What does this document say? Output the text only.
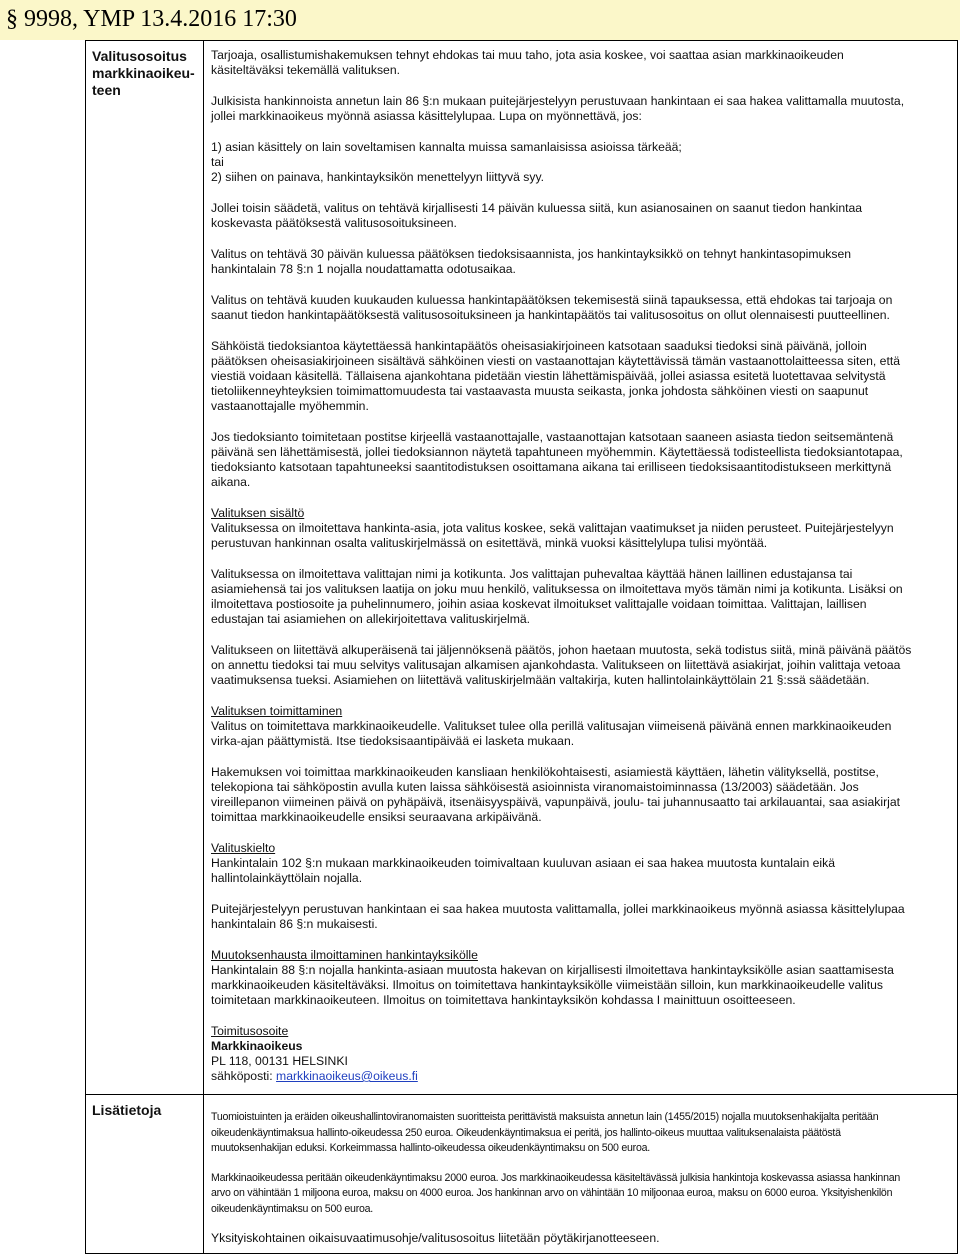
§ 9998, YMP 13.4.2016 17:30
Valitusosoitus markkinaoikeu-teen

Tarjoaja, osallistumishakemuksen tehnyt ehdokas tai muu taho, jota asia koskee, voi saattaa asian markkinaoikeuden käsiteltäväksi tekemällä valituksen.

Julkisista hankinnoista annetun lain 86 §:n mukaan puitejärjestelyyn perustuvaan hankintaan ei saa hakea valittamalla muutosta, jollei markkinaoikeus myönnä asiassa käsittelylupaa. Lupa on myönnettävä, jos:

1) asian käsittely on lain soveltamisen kannalta muissa samanlaisissa asioissa tärkeää;
tai
2) siihen on painava, hankintayksikön menettelyyn liittyvä syy.

Jollei toisin säädetä, valitus on tehtävä kirjallisesti 14 päivän kuluessa siitä, kun asianosainen on saanut tiedon hankintaa koskevasta päätöksestä valitusosoituksineen.

Valitus on tehtävä 30 päivän kuluessa päätöksen tiedoksisaannista, jos hankintayksikkö on tehnyt hankintasopimuksen hankintalain 78 §:n 1 nojalla noudattamatta odotusaikaa.

Valitus on tehtävä kuuden kuukauden kuluessa hankintapäätöksen tekemisestä siinä tapauksessa, että ehdokas tai tarjoaja on saanut tiedon hankintapäätöksestä valitusosoituksineen ja hankintapäätös tai valitusosoitus on ollut olennaisesti puutteellinen.

Sähköistä tiedoksiantoa käytettäessä hankintapäätös oheisasiakirjoineen katsotaan saaduksi tiedoksi sinä päivänä, jolloin päätöksen oheisasiakirjoineen sisältävä sähköinen viesti on vastaanottajan käytettävissä tämän vastaanottolaitteessa siten, että viestiä voidaan käsitellä. Tällaisena ajankohtana pidetään viestin lähettämispäivää, jollei asiassa esitetä luotettavaa selvitystä tietoliikenneyhteyksien toimimattomuudesta tai vastaavasta muusta seikasta, jonka johdosta sähköinen viesti on saapunut vastaanottajalle myöhemmin.

Jos tiedoksianto toimitetaan postitse kirjeellä vastaanottajalle, vastaanottajan katsotaan saaneen asiasta tiedon seitsemäntenä päivänä sen lähettämisestä, jollei tiedoksiannon näytetä tapahtuneen myöhemmin. Käytettäessä todisteellista tiedoksiantotapaa, tiedoksianto katsotaan tapahtuneeksi saantitodistuksen osoittamana aikana tai erilliseen tiedoksisaantitodistukseen merkittynä aikana.

Valituksen sisältö

Valituksessa on ilmoitettava hankinta-asia, jota valitus koskee, sekä valittajan vaatimukset ja niiden perusteet. Puitejärjestelyyn perustuvan hankinnan osalta valituskirjelmässä on esitettävä, minkä vuoksi käsittelylupa tulisi myöntää.

Valituksessa on ilmoitettava valittajan nimi ja kotikunta. Jos valittajan puhevaltaa käyttää hänen laillinen edustajansa tai asiamiehensä tai jos valituksen laatija on joku muu henkilö, valituksessa on ilmoitettava myös tämän nimi ja kotikunta. Lisäksi on ilmoitettava postiosoite ja puhelinnumero, joihin asiaa koskevat ilmoitukset valittajalle voidaan toimittaa. Valittajan, laillisen edustajan tai asiamiehen on allekirjoitettava valituskirjelmä.

Valitukseen on liitettävä alkuperäisenä tai jäljennöksenä päätös, johon haetaan muutosta, sekä todistus siitä, minä päivänä päätös on annettu tiedoksi tai muu selvitys valitusajan alkamisen ajankohdasta. Valitukseen on liitettävä asiakirjat, joihin valittaja vetoaa vaatimuksensa tueksi. Asiamiehen on liitettävä valituskirjelmään valtakirja, kuten hallintolainkäyttölain 21 §:ssä säädetään.

Valituksen toimittaminen

Valitus on toimitettava markkinaoikeudelle. Valitukset tulee olla perillä valitusajan viimeisenä päivänä ennen markkinaoikeuden virka-ajan päättymistä. Itse tiedoksisaantipäivää ei lasketa mukaan.

Hakemuksen voi toimittaa markkinaoikeuden kansliaan henkilökohtaisesti, asiamiestä käyttäen, lähetin välityksellä, postitse, telekopiona tai sähköpostin avulla kuten laissa sähköisestä asioinnista viranomaistoiminnassa (13/2003) säädetään. Jos vireillepanon viimeinen päivä on pyhäpäivä, itsenäisyyspäivä, vapunpäivä, joulu- tai juhannusaatto tai arkilauantai, saa asiakirjat toimittaa markkinaoikeudelle ensiksi seuraavana arkipäivänä.

Valituskielto

Hankintalain 102 §:n mukaan markkinaoikeuden toimivaltaan kuuluvan asiaan ei saa hakea muutosta kuntalain eikä hallintolainkäyttölain nojalla.

Puitejärjestelyyn perustuvan hankintaan ei saa hakea muutosta valittamalla, jollei markkinaoikeus myönnä asiassa käsittelylupaa hankintalain 86 §:n mukaisesti.

Muutoksenhausta ilmoittaminen hankintayksikölle

Hankintalain 88 §:n nojalla hankinta-asiaan muutosta hakevan on kirjallisesti ilmoitettava hankintayksikölle asian saattamisesta markkinaoikeuden käsiteltäväksi. Ilmoitus on toimitettava hankintayksikölle viimeistään silloin, kun markkinaoikeudelle valitus toimitetaan markkinaoikeuteen. Ilmoitus on toimitettava hankintayksikön kohdassa I mainittuun osoitteeseen.

Toimitusosoite

Markkinaoikeus

PL 118, 00131 HELSINKI

sähköposti: markkinaoikeus@oikeus.fi

Lisätietoja	Tuomioistuinten ja eräiden oikeushallintoviranomaisten suoritteista perittävistä maksuista annetun lain (1455/2015) nojalla muutoksenhakijalta peritään oikeudenkäyntimaksua hallinto-oikeudessa 250 euroa. Oikeudenkäyntimaksua ei peritä, jos hallinto-oikeus muuttaa valituksenalaista päätöstä muutoksenhakijan eduksi. Korkeimmassa hallinto-oikeudessa oikeudenkäyntimaksu on 500 euroa.

Markkinaoikeudessa peritään oikeudenkäyntimaksu 2000 euroa. Jos markkinaoikeudessa käsiteltävässä julkisia hankintoja koskevassa asiassa hankinnan arvo on vähintään 1 miljoona euroa, maksu on 4000 euroa. Jos hankinnan arvo on vähintään 10 miljoonaa euroa, maksu on 6000 euroa. Yksityishenkilön oikeudenkäyntimaksu on 500 euroa.

Yksityiskohtainen oikaisuvaatimusohje/valitusosoitus liitetään pöytäkirjanotteeseen.
